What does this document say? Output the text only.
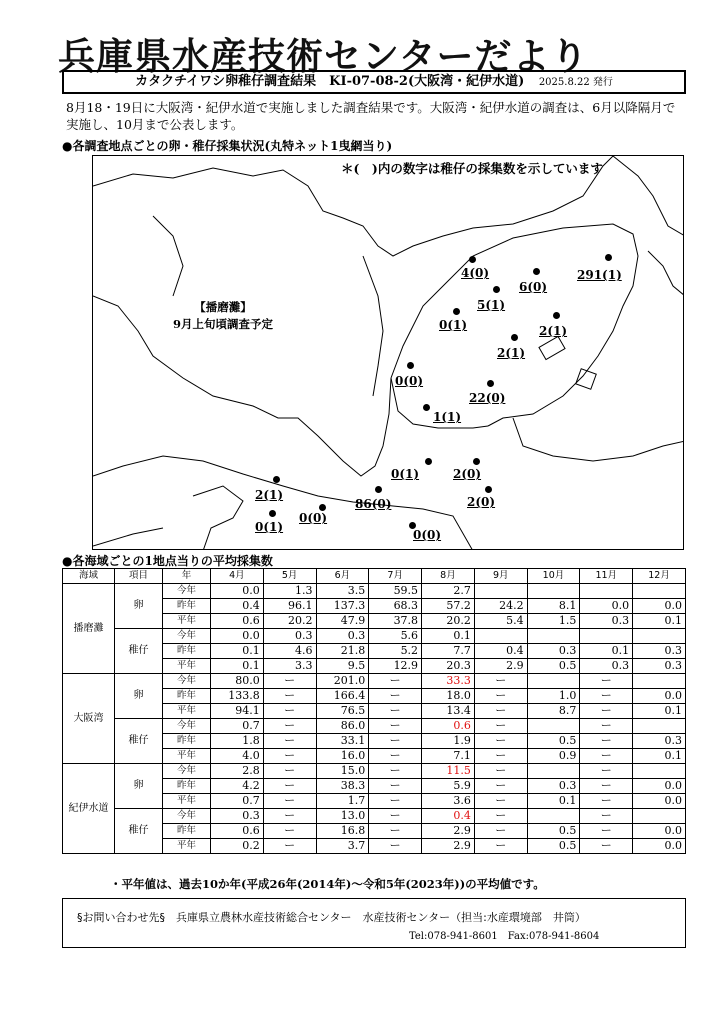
兵庫県水産技術センターだより
カタクチイワシ卵稚仔調査結果　KI-07-08-2(大阪湾・紀伊水道) 2025.8.22 発行
8月18・19日に大阪湾・紀伊水道で実施しました調査結果です。大阪湾・紀伊水道の調査は、6月以降隔月で実施し、10月まで公表します。
●各調査地点ごとの卵・稚仔採集状況(丸特ネット1曳網当り)
＊(　)内の数字は稚仔の採集数を示しています
【播磨灘】
9月上旬頃調査予定
4(0)
6(0)
291(1)
5(1)
0(1)	2(1)
2(1)
0(0)
22(0)
1(1)
0(1)	2(0)
2(1)
86(0)	2(0)
0(0)
0(1)
0(0)
●各海域ごとの1地点当りの平均採集数
海域	項目	年	4月	5月	6月	7月	8月	9月	10月	11月	12月
播磨灘	卵	今年	0.0	1.3	3.5	59.5	2.7				
		昨年	0.4	96.1	137.3	68.3	57.2	24.2	8.1	0.0	0.0
		平年	0.6	20.2	47.9	37.8	20.2	5.4	1.5	0.3	0.1
	稚仔	今年	0.0	0.3	0.3	5.6	0.1				
		昨年	0.1	4.6	21.8	5.2	7.7	0.4	0.3	0.1	0.3
		平年	0.1	3.3	9.5	12.9	20.3	2.9	0.5	0.3	0.3
大阪湾	卵	今年	80.0	ー	201.0	ー	33.3	ー		ー	
		昨年	133.8	ー	166.4	ー	18.0	ー	1.0	ー	0.0
		平年	94.1	ー	76.5	ー	13.4	ー	8.7	ー	0.1
	稚仔	今年	0.7	ー	86.0	ー	0.6	ー		ー	
		昨年	1.8	ー	33.1	ー	1.9	ー	0.5	ー	0.3
		平年	4.0	ー	16.0	ー	7.1	ー	0.9	ー	0.1
紀伊水道	卵	今年	2.8	ー	15.0	ー	11.5	ー		ー	
		昨年	4.2	ー	38.3	ー	5.9	ー	0.3	ー	0.0
		平年	0.7	ー	1.7	ー	3.6	ー	0.1	ー	0.0
	稚仔	今年	0.3	ー	13.0	ー	0.4	ー		ー	
		昨年	0.6	ー	16.8	ー	2.9	ー	0.5	ー	0.0
		平年	0.2	ー	3.7	ー	2.9	ー	0.5	ー	0.0
・平年値は、過去10か年(平成26年(2014年)～令和5年(2023年))の平均値です。
§お問い合わせ先§　兵庫県立農林水産技術総合センター　水産技術センター（担当:水産環境部　井筒）
Tel:078-941-8601　Fax:078-941-8604
